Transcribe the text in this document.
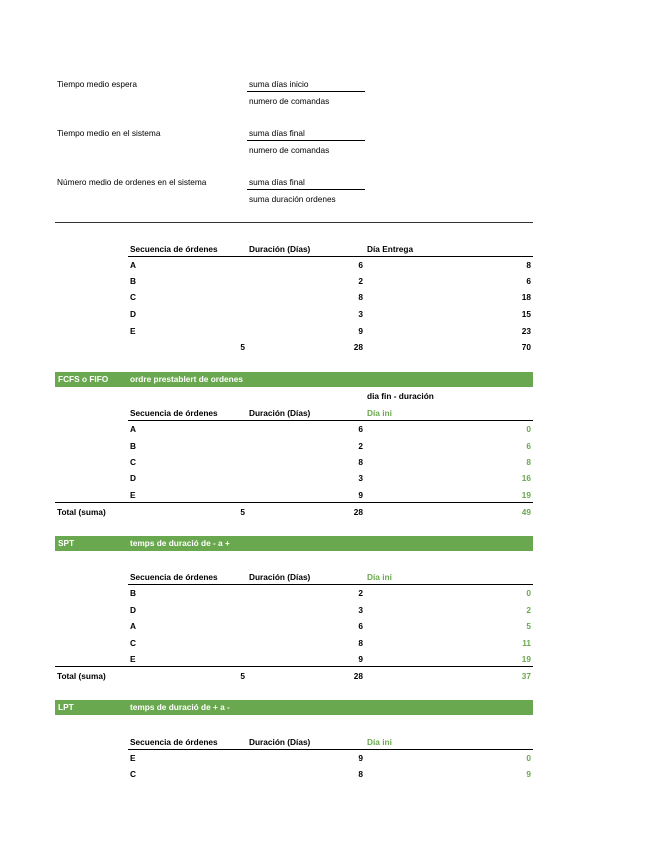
Tiempo medio espera	suma días inicio
numero de comandas
Tiempo medio en el sistema	suma días final
numero de comandas
Número medio de ordenes en el sistema	suma días final
suma duración ordenes
Secuencia de órdenes	Duración (Días)	Día Entrega
A	6	8
B	2	6
C	8	18
D	3	15
E	9	23
5	28	70
FCFS o FIFO	ordre prestablert de ordenes
dia fin - duración
Secuencia de órdenes	Duración (Días)	Día ini
A	6	0
B	2	6
C	8	8
D	3	16
E	9	19
Total (suma)	5	28	49
SPT	temps de duració de - a +
Secuencia de órdenes	Duración (Días)	Día ini
B	2	0
D	3	2
A	6	5
C	8	11
E	9	19
Total (suma)	5	28	37
LPT	temps de duració de + a -
Secuencia de órdenes	Duración (Días)	Día ini
E	9	0
C	8	9
